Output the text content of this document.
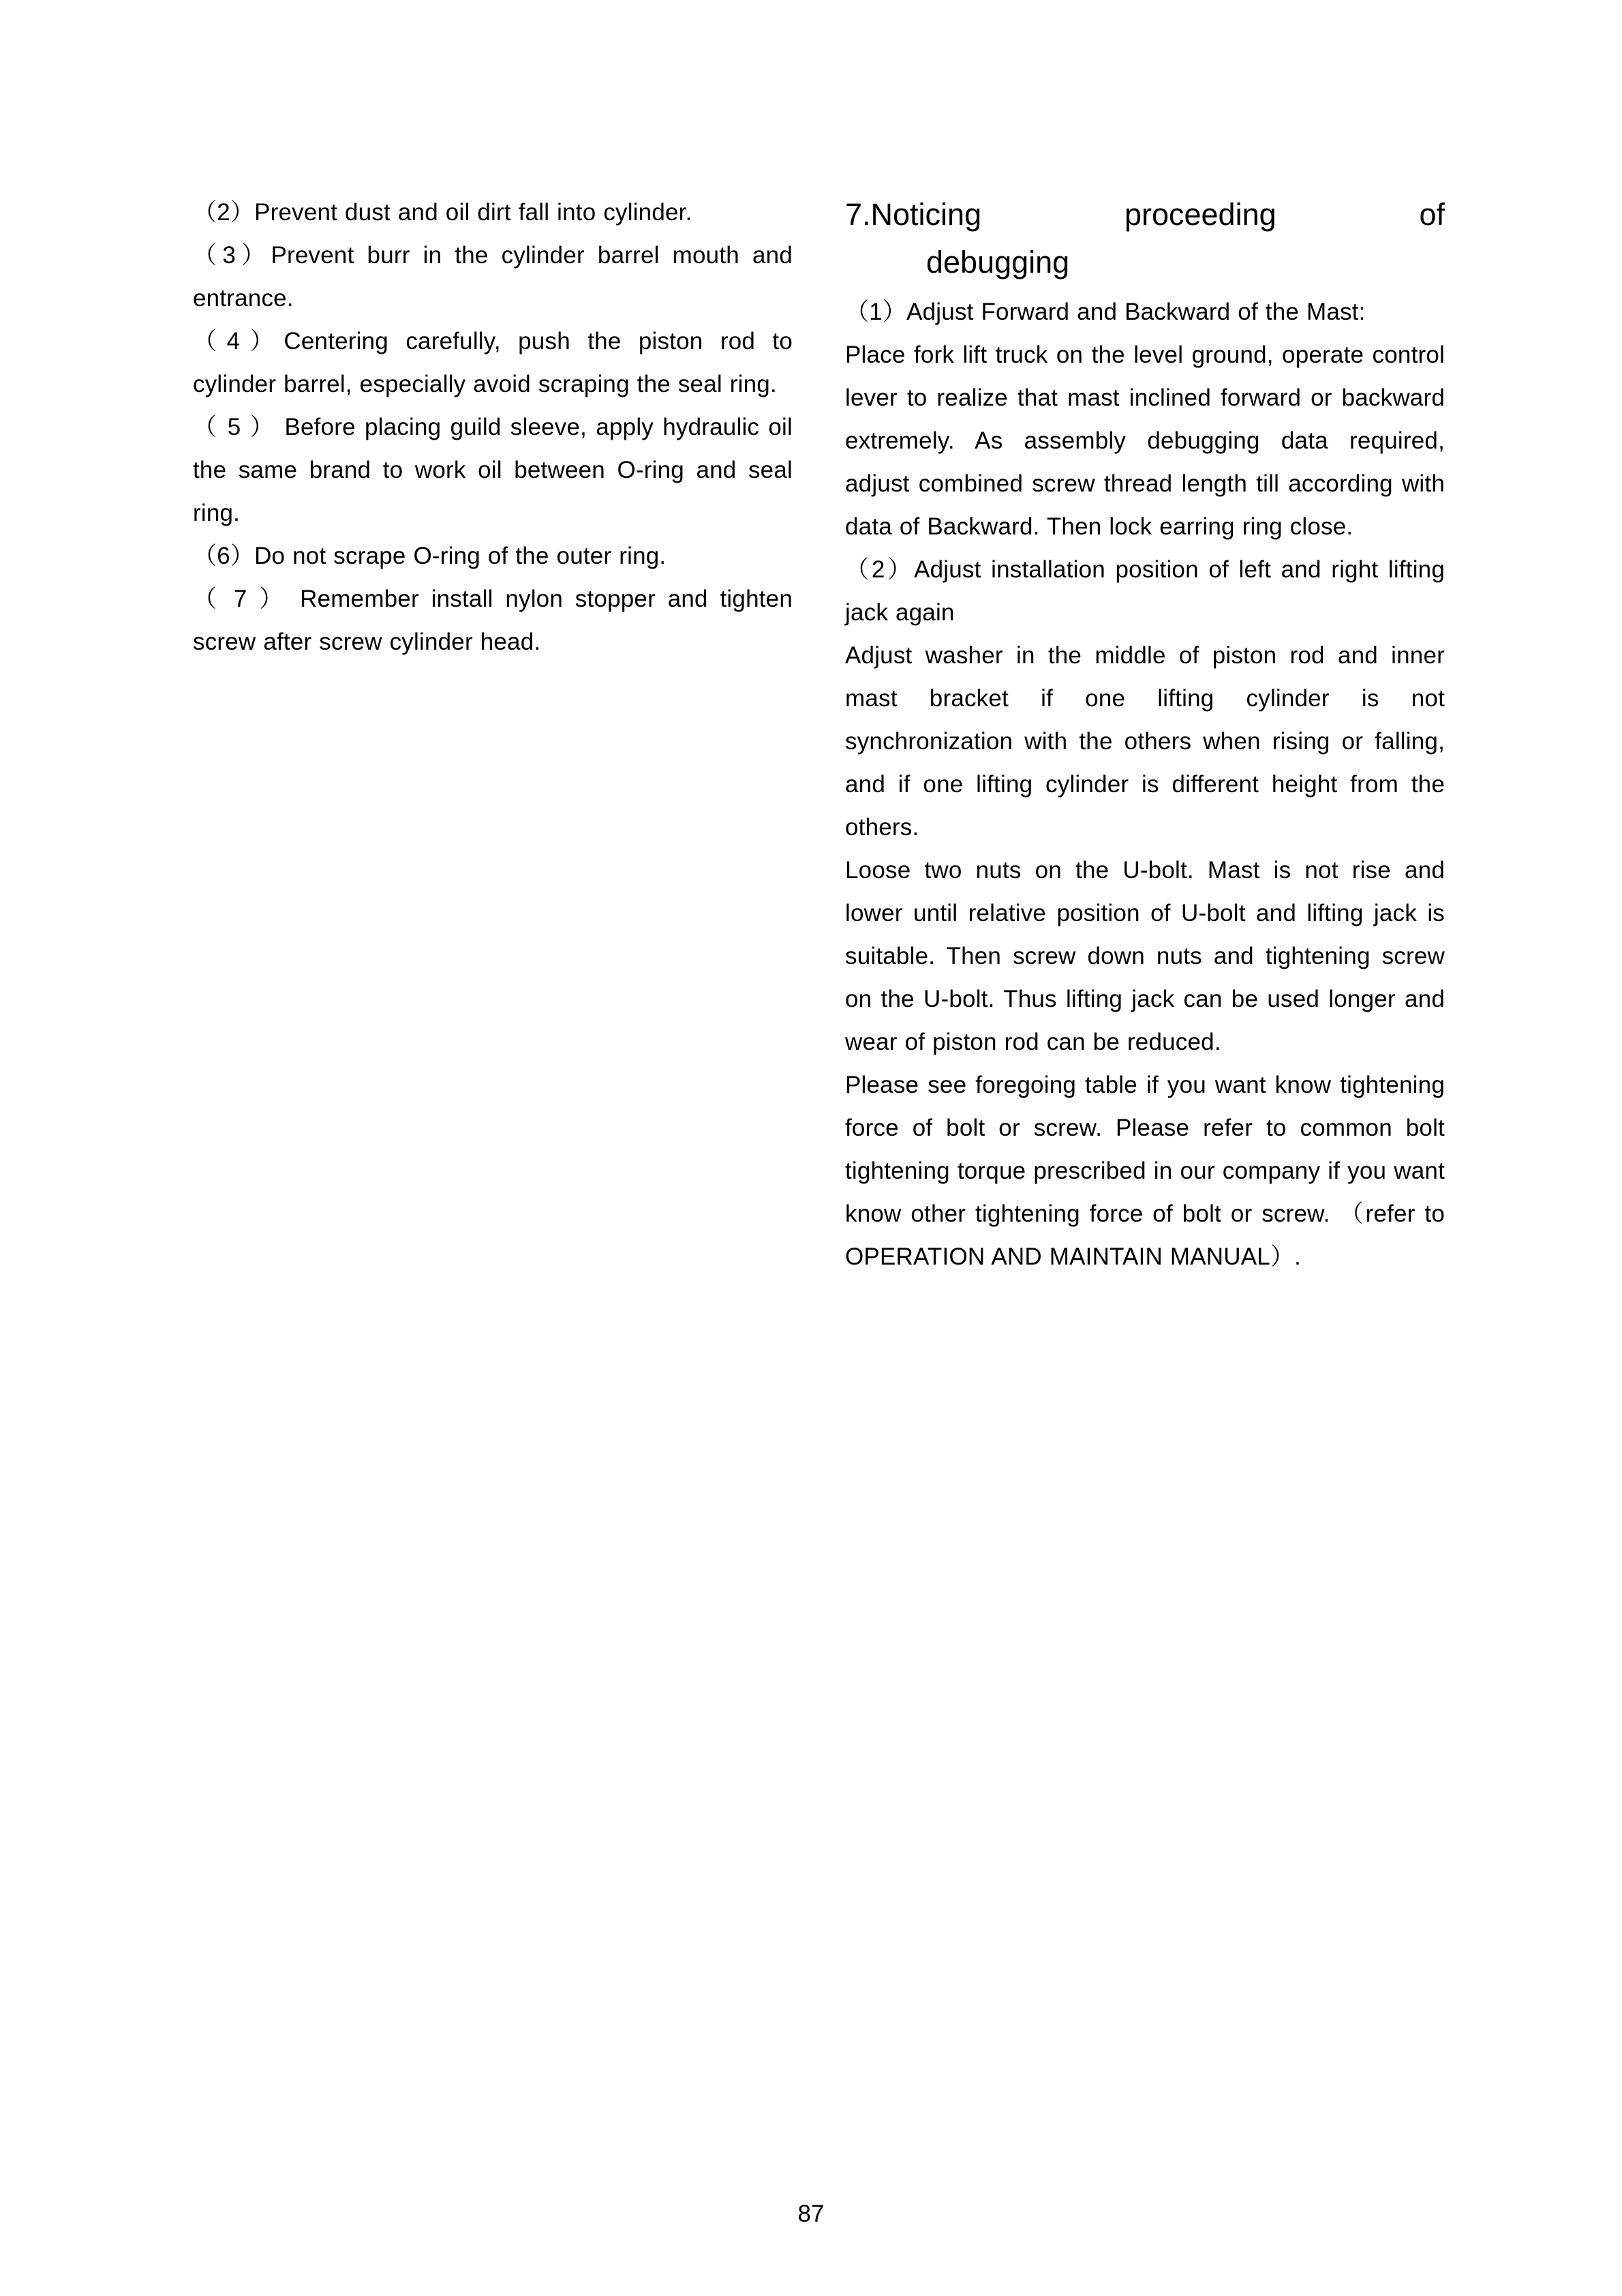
（2）Prevent dust and oil dirt fall into cylinder.

（3）Prevent burr in the cylinder barrel mouth and entrance.

（4）Centering carefully, push the piston rod to cylinder barrel, especially avoid scraping the seal ring.

（ 5 ） Before placing guild sleeve, apply hydraulic oil the same brand to work oil between O-ring and seal ring.

（6）Do not scrape O-ring of the outer ring.

（ 7 ） Remember install nylon stopper and tighten screw after screw cylinder head.

7.Noticing proceeding of
debugging

（1）Adjust Forward and Backward of the Mast:

Place fork lift truck on the level ground, operate control lever to realize that mast inclined forward or backward extremely. As assembly debugging data required, adjust combined screw thread length till according with data of Backward. Then lock earring ring close.

（2）Adjust installation position of left and right lifting jack again

Adjust washer in the middle of piston rod and inner mast bracket if one lifting cylinder is not synchronization with the others when rising or falling, and if one lifting cylinder is different height from the others.

Loose two nuts on the U-bolt. Mast is not rise and lower until relative position of U-bolt and lifting jack is suitable. Then screw down nuts and tightening screw on the U-bolt. Thus lifting jack can be used longer and wear of piston rod can be reduced.

Please see foregoing table if you want know tightening force of bolt or screw. Please refer to common bolt tightening torque prescribed in our company if you want know other tightening force of bolt or screw. （refer to OPERATION AND MAINTAIN MANUAL）.

87
